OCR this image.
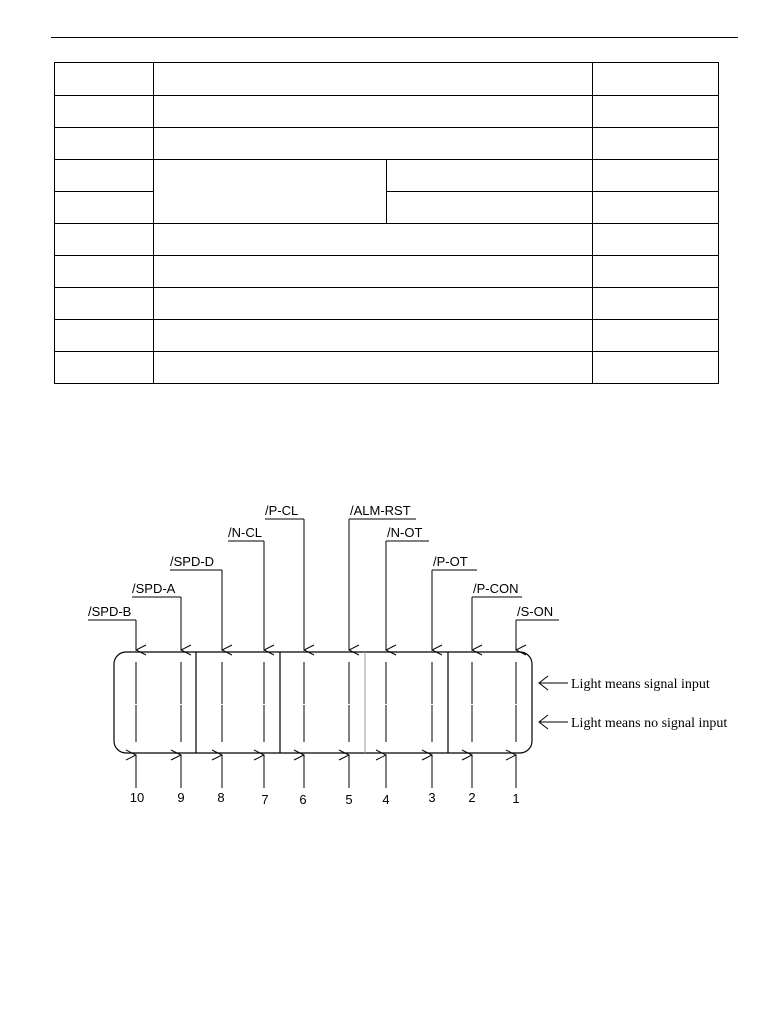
/S-ON
/P-CON
/P-OT
/N-OT
/ALM-RST
/P-CL
/N-CL
/SPD-D
/SPD-A
/SPD-B
1
2
3
4
5
6
7
8
9
10
Light means signal input
Light means no signal input
